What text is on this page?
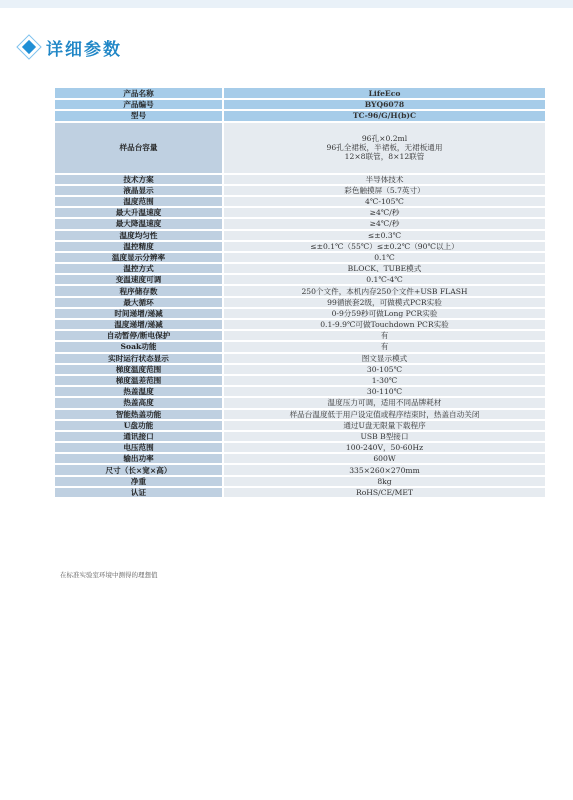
详细参数
产品名称	LifeEco

产品编号	BYQ6078

型号	TC-96/G/H(b)C

样品台容量	96孔×0.2ml
96孔全裙板，半裙板，无裙板通用
12×8联管，8×12联管

技术方案	半导体技术

液晶显示	彩色触摸屏（5.7英寸）

温度范围	4℃-105℃

最大升温速度	≥4℃/秒

最大降温速度	≥4℃/秒

温度均匀性	≤±0.3℃

温控精度	≤±0.1℃（55℃）≤±0.2℃（90℃以上）

温度显示分辨率	0.1℃

温控方式	BLOCK、TUBE模式

变温速度可调	0.1℃-4℃

程序储存数	250个文件，本机内存250个文件+USB FLASH

最大循环	99循嵌套2级，可做模式PCR实验

时间递增/递减	0-9分59秒可做Long PCR实验

温度递增/递减	0.1-9.9℃可做Touchdown PCR实验

自动暂停/断电保护	有

Soak功能	有

实时运行状态显示	图文显示模式

梯度温度范围	30-105℃

梯度温差范围	1-30℃

热盖温度	30-110℃

热盖高度	温度压力可调，适用不同品牌耗材

智能热盖功能	样品台温度低于用户设定值或程序结束时，热盖自动关闭

U盘功能	通过U盘无限量下载程序

通讯接口	USB B型接口

电压范围	100-240V，50-60Hz

输出功率	600W

尺寸（长×宽×高）	335×260×270mm

净重	8kg

认证	RoHS/CE/MET
在标准实验室环境中测得的理想值
